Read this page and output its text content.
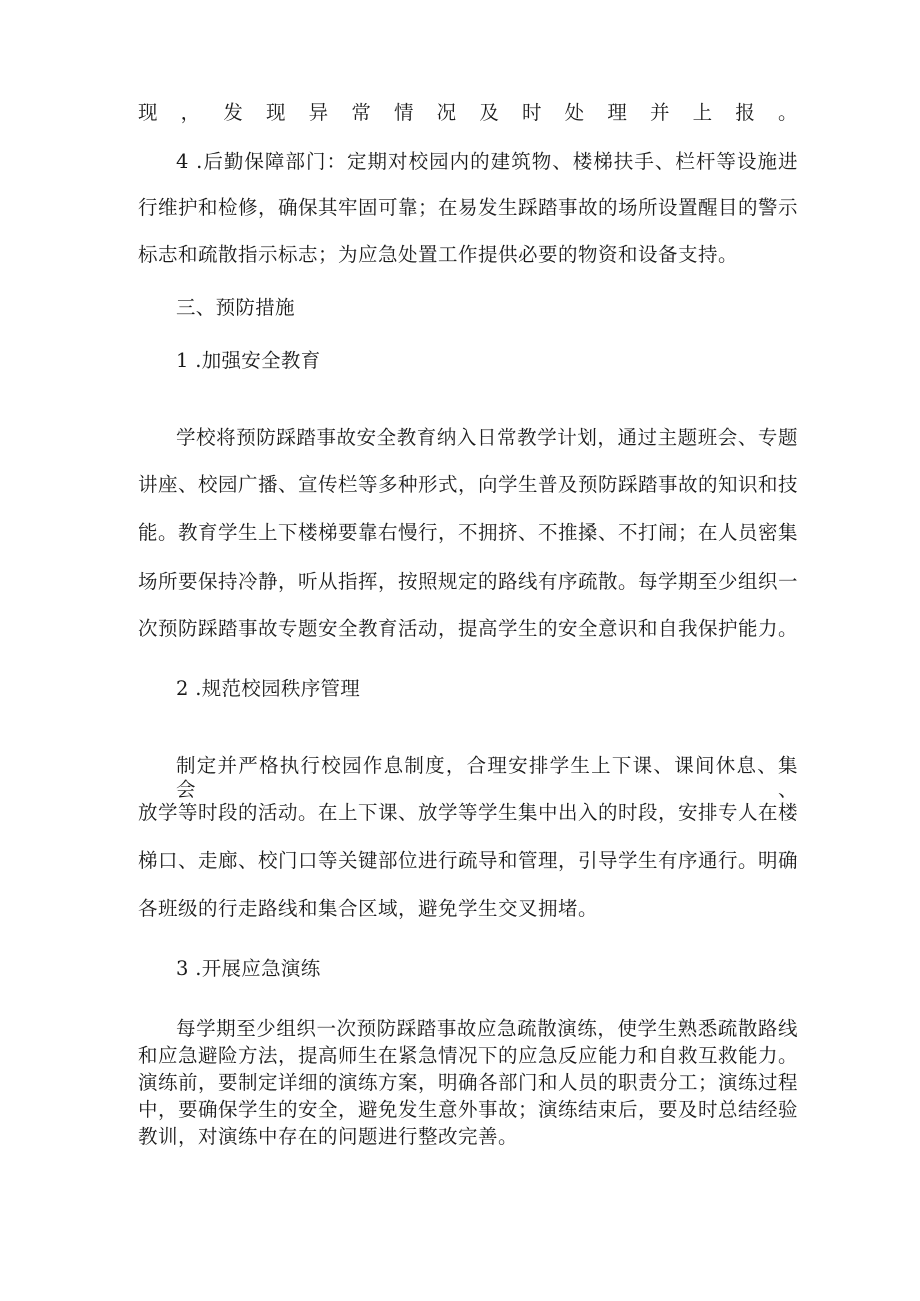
现，发现异常情况及时处理并上报。
4 .后勤保障部门：定期对校园内的建筑物、楼梯扶手、栏杆等设施进
行维护和检修，确保其牢固可靠；在易发生踩踏事故的场所设置醒目的警示
标志和疏散指示标志；为应急处置工作提供必要的物资和设备支持。
三、预防措施
1 .加强安全教育
学校将预防踩踏事故安全教育纳入日常教学计划，通过主题班会、专题
讲座、校园广播、宣传栏等多种形式，向学生普及预防踩踏事故的知识和技
能。教育学生上下楼梯要靠右慢行，不拥挤、不推搡、不打闹；在人员密集
场所要保持冷静，听从指挥，按照规定的路线有序疏散。每学期至少组织一
次预防踩踏事故专题安全教育活动，提高学生的安全意识和自我保护能力。
2 .规范校园秩序管理
制定并严格执行校园作息制度，合理安排学生上下课、课间休息、集会、
放学等时段的活动。在上下课、放学等学生集中出入的时段，安排专人在楼
梯口、走廊、校门口等关键部位进行疏导和管理，引导学生有序通行。明确
各班级的行走路线和集合区域，避免学生交叉拥堵。
3 .开展应急演练
每学期至少组织一次预防踩踏事故应急疏散演练，使学生熟悉疏散路线
和应急避险方法，提高师生在紧急情况下的应急反应能力和自救互救能力。
演练前，要制定详细的演练方案，明确各部门和人员的职责分工；演练过程
中，要确保学生的安全，避免发生意外事故；演练结束后，要及时总结经验
教训，对演练中存在的问题进行整改完善。
